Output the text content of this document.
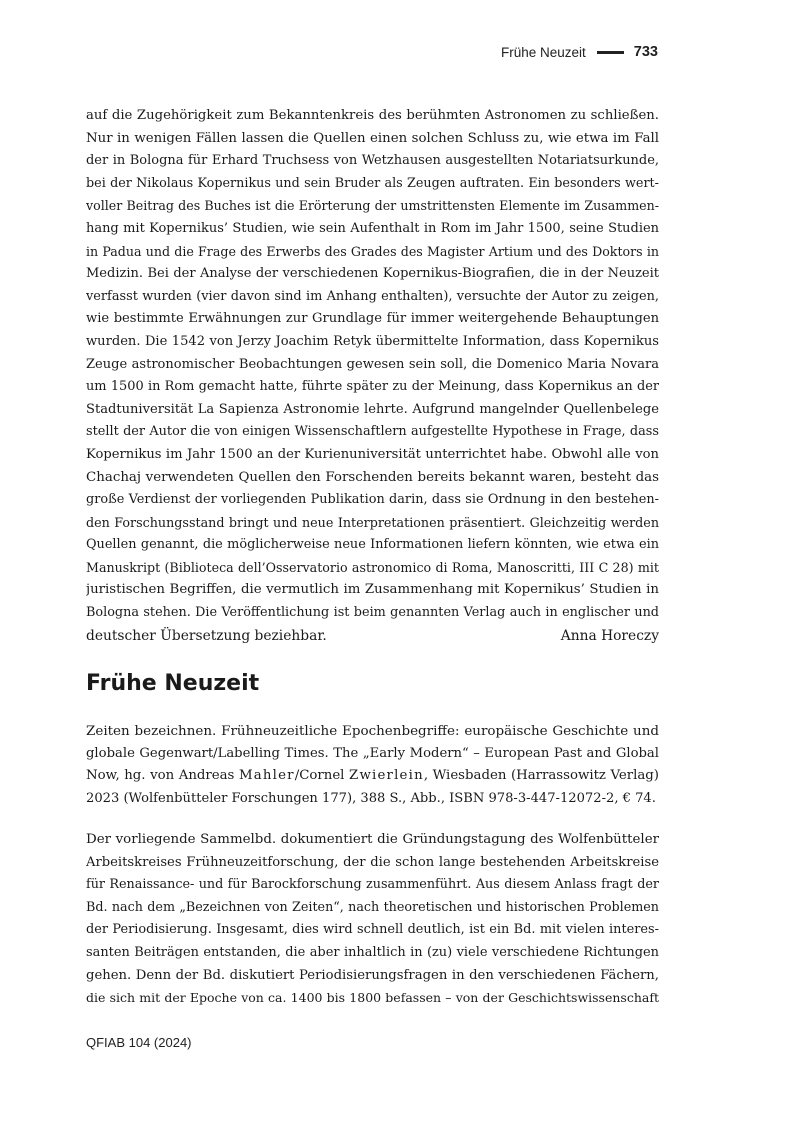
Frühe Neuzeit	733
auf die Zugehörigkeit zum Bekanntenkreis des berühmten Astronomen zu schließen.
Nur in wenigen Fällen lassen die Quellen einen solchen Schluss zu, wie etwa im Fall
der in Bologna für Erhard Truchsess von Wetzhausen ausgestellten Notariatsurkunde,
bei der Nikolaus Kopernikus und sein Bruder als Zeugen auftraten. Ein besonders wert-
voller Beitrag des Buches ist die Erörterung der umstrittensten Elemente im Zusammen-
hang mit Kopernikus’ Studien, wie sein Aufenthalt in Rom im Jahr 1500, seine Studien
in Padua und die Frage des Erwerbs des Grades des Magister Artium und des Doktors in
Medizin. Bei der Analyse der verschiedenen Kopernikus-Biografien, die in der Neuzeit
verfasst wurden (vier davon sind im Anhang enthalten), versuchte der Autor zu zeigen,
wie bestimmte Erwähnungen zur Grundlage für immer weitergehende Behauptungen
wurden. Die 1542 von Jerzy Joachim Retyk übermittelte Information, dass Kopernikus
Zeuge astronomischer Beobachtungen gewesen sein soll, die Domenico Maria Novara
um 1500 in Rom gemacht hatte, führte später zu der Meinung, dass Kopernikus an der
Stadtuniversität La Sapienza Astronomie lehrte. Aufgrund mangelnder Quellenbelege
stellt der Autor die von einigen Wissenschaftlern aufgestellte Hypothese in Frage, dass
Kopernikus im Jahr 1500 an der Kurienuniversität unterrichtet habe. Obwohl alle von
Chachaj verwendeten Quellen den Forschenden bereits bekannt waren, besteht das
große Verdienst der vorliegenden Publikation darin, dass sie Ordnung in den bestehen-
den Forschungsstand bringt und neue Interpretationen präsentiert. Gleichzeitig werden
Quellen genannt, die möglicherweise neue Informationen liefern könnten, wie etwa ein
Manuskript (Biblioteca dell’Osservatorio astronomico di Roma, Manoscritti, III C 28) mit
juristischen Begriffen, die vermutlich im Zusammenhang mit Kopernikus’ Studien in
Bologna stehen. Die Veröffentlichung ist beim genannten Verlag auch in englischer und
deutscher Übersetzung beziehbar.	Anna Horeczy
Frühe Neuzeit
Zeiten bezeichnen. Frühneuzeitliche Epochenbegriffe: europäische Geschichte und
globale Gegenwart/Labelling Times. The „Early Modern“ – European Past and Global
Now, hg. von Andreas Mahler/Cornel Zwierlein, Wiesbaden (Harrassowitz Verlag)
2023 (Wolfenbütteler Forschungen 177), 388 S., Abb., ISBN 978-3-447-12072-2, € 74.
Der vorliegende Sammelbd. dokumentiert die Gründungstagung des Wolfenbütteler
Arbeitskreises Frühneuzeitforschung, der die schon lange bestehenden Arbeitskreise
für Renaissance- und für Barockforschung zusammenführt. Aus diesem Anlass fragt der
Bd. nach dem „Bezeichnen von Zeiten“, nach theoretischen und historischen Problemen
der Periodisierung. Insgesamt, dies wird schnell deutlich, ist ein Bd. mit vielen interes-
santen Beiträgen entstanden, die aber inhaltlich in (zu) viele verschiedene Richtungen
gehen. Denn der Bd. diskutiert Periodisierungsfragen in den verschiedenen Fächern,
die sich mit der Epoche von ca. 1400 bis 1800 befassen – von der Geschichtswissenschaft
QFIAB 104 (2024)
